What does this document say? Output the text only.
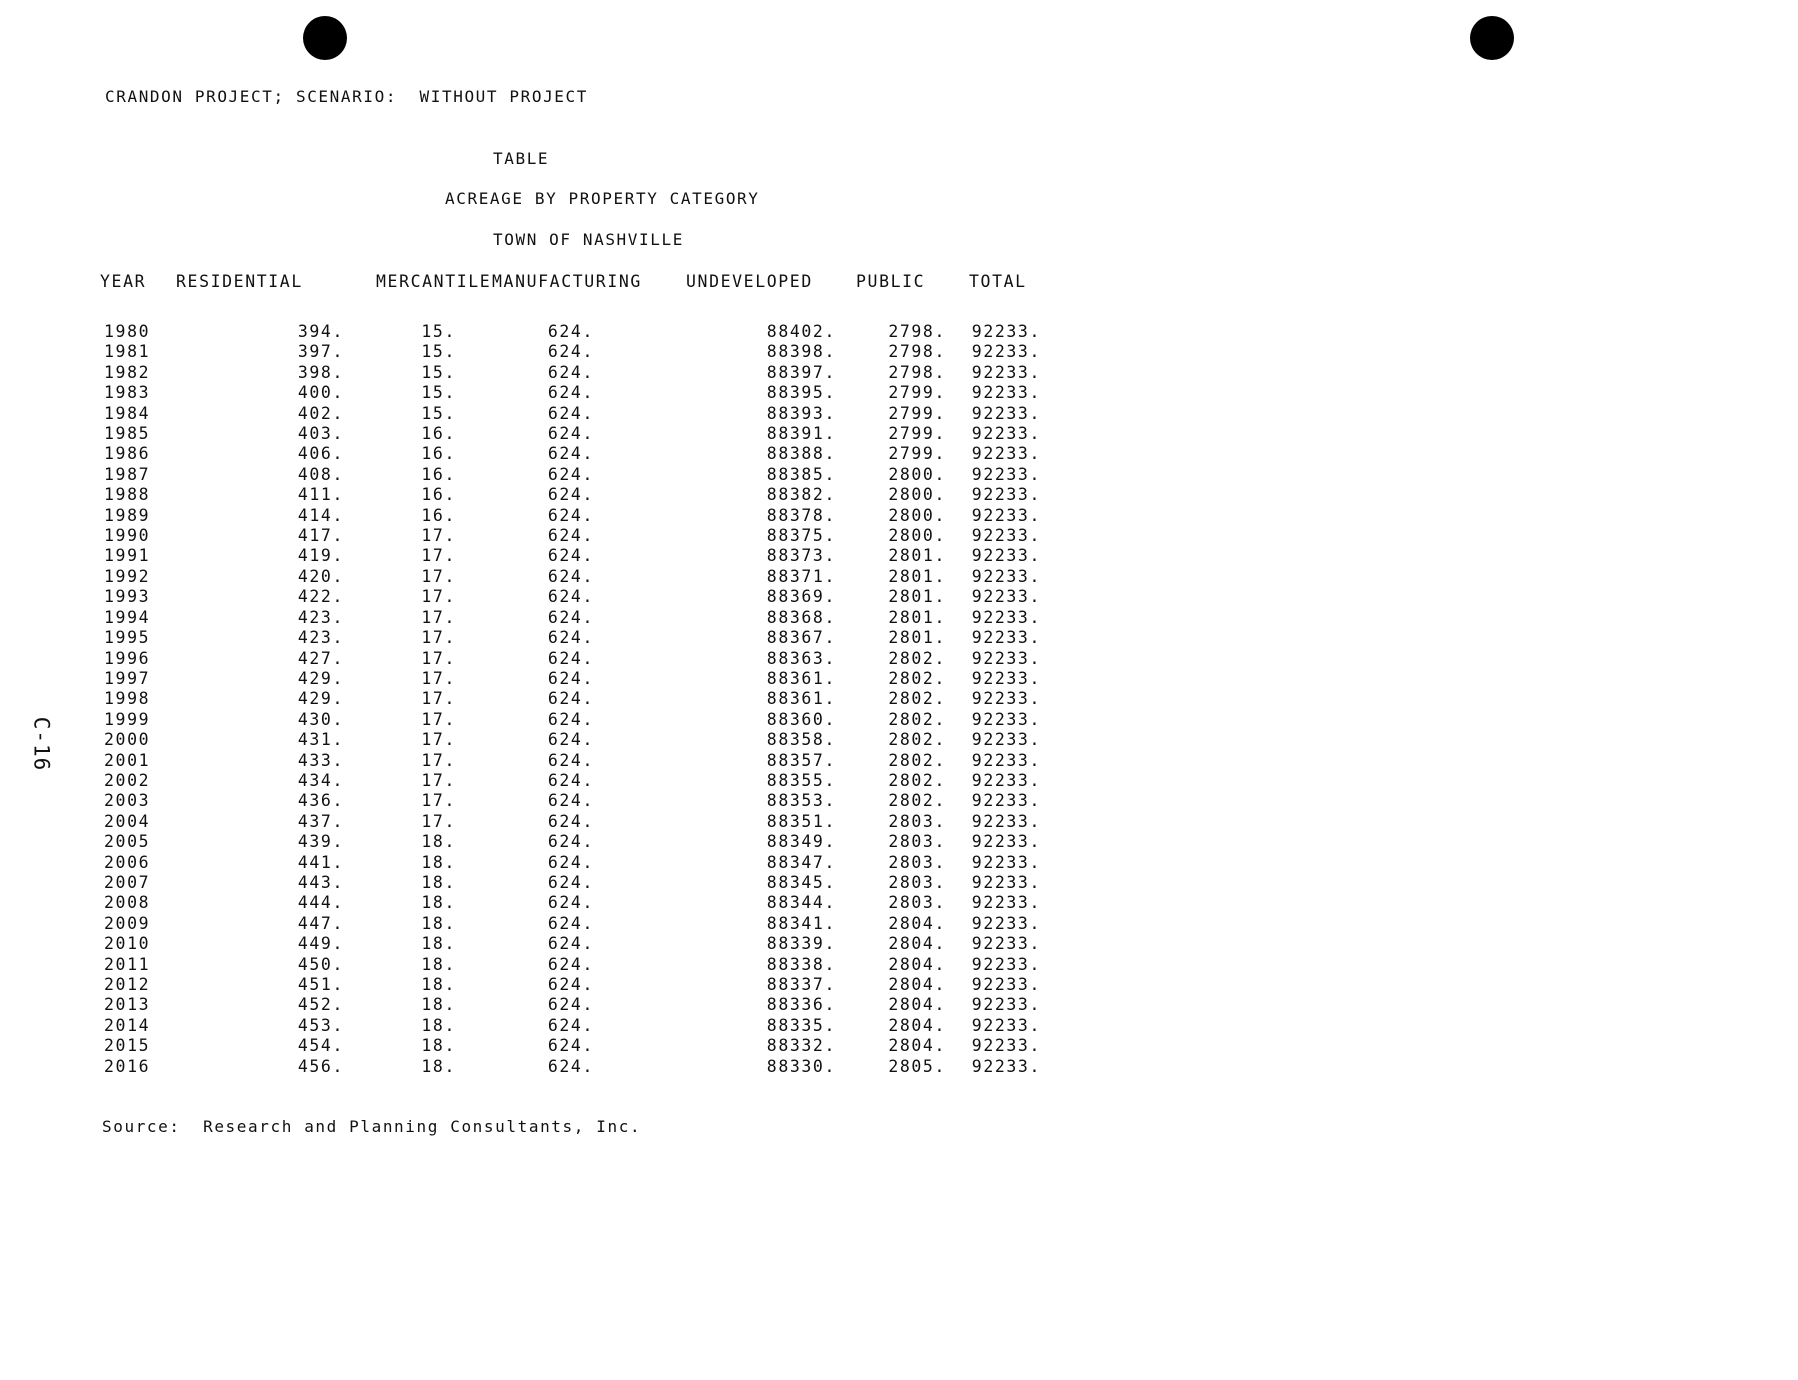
CRANDON PROJECT; SCENARIO:  WITHOUT PROJECT
TABLE
ACREAGE BY PROPERTY CATEGORY
TOWN OF NASHVILLE
C-16
YEAR	RESIDENTIAL	MERCANTILE	MANUFACTURING	UNDEVELOPED	PUBLIC	TOTAL
1980	394.	15.	624.	88402.	2798.	92233.
1981	397.	15.	624.	88398.	2798.	92233.
1982	398.	15.	624.	88397.	2798.	92233.
1983	400.	15.	624.	88395.	2799.	92233.
1984	402.	15.	624.	88393.	2799.	92233.
1985	403.	16.	624.	88391.	2799.	92233.
1986	406.	16.	624.	88388.	2799.	92233.
1987	408.	16.	624.	88385.	2800.	92233.
1988	411.	16.	624.	88382.	2800.	92233.
1989	414.	16.	624.	88378.	2800.	92233.
1990	417.	17.	624.	88375.	2800.	92233.
1991	419.	17.	624.	88373.	2801.	92233.
1992	420.	17.	624.	88371.	2801.	92233.
1993	422.	17.	624.	88369.	2801.	92233.
1994	423.	17.	624.	88368.	2801.	92233.
1995	423.	17.	624.	88367.	2801.	92233.
1996	427.	17.	624.	88363.	2802.	92233.
1997	429.	17.	624.	88361.	2802.	92233.
1998	429.	17.	624.	88361.	2802.	92233.
1999	430.	17.	624.	88360.	2802.	92233.
2000	431.	17.	624.	88358.	2802.	92233.
2001	433.	17.	624.	88357.	2802.	92233.
2002	434.	17.	624.	88355.	2802.	92233.
2003	436.	17.	624.	88353.	2802.	92233.
2004	437.	17.	624.	88351.	2803.	92233.
2005	439.	18.	624.	88349.	2803.	92233.
2006	441.	18.	624.	88347.	2803.	92233.
2007	443.	18.	624.	88345.	2803.	92233.
2008	444.	18.	624.	88344.	2803.	92233.
2009	447.	18.	624.	88341.	2804.	92233.
2010	449.	18.	624.	88339.	2804.	92233.
2011	450.	18.	624.	88338.	2804.	92233.
2012	451.	18.	624.	88337.	2804.	92233.
2013	452.	18.	624.	88336.	2804.	92233.
2014	453.	18.	624.	88335.	2804.	92233.
2015	454.	18.	624.	88332.	2804.	92233.
2016	456.	18.	624.	88330.	2805.	92233.
Source:  Research and Planning Consultants, Inc.
